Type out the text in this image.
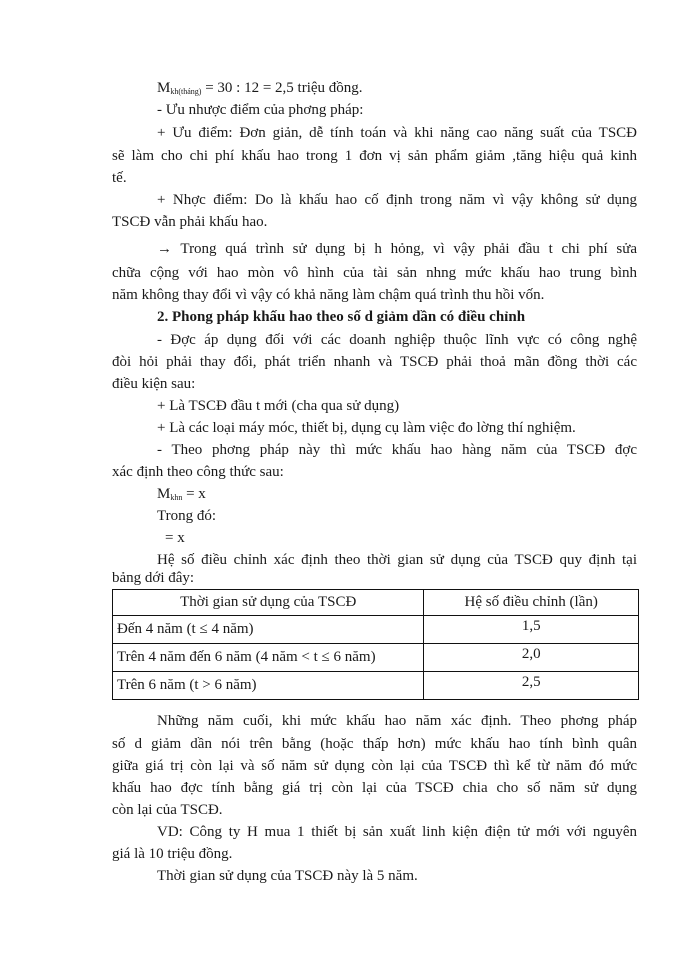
$M_{kh(tháng)} = 30$ : 12 = 2,5 triệu đồng.
- Ưu nhược điểm của phơng pháp:
+ Ưu điểm: Đơn giản, dễ tính toán và khi năng cao năng suất của TSCĐ
sẽ làm cho chi phí khấu hao trong 1 đơn vị sản phẩm giảm ,tăng hiệu quả kinh
tế.
+ Nhợc điểm: Do là khấu hao cố định trong năm vì vậy không sử dụng
TSCĐ vẫn phải khấu hao.
→ Trong quá trình sử dụng bị h hỏng, vì vậy phải đầu t chi phí sửa
chữa cộng với hao mòn vô hình của tài sản nhng mức khấu hao trung bình
năm không thay đổi vì vậy có khả năng làm chậm quá trình thu hồi vốn.
2. Phong pháp khấu hao theo số d giảm dần có điều chỉnh
- Đợc áp dụng đối với các doanh nghiệp thuộc lĩnh vực có công nghệ
đòi hỏi phải thay đổi, phát triển nhanh và TSCĐ phải thoả mãn đồng thời các
điều kiện sau:
+ Là TSCĐ đầu t mới (cha qua sử dụng)
+ Là các loại máy móc, thiết bị, dụng cụ làm việc đo lờng thí nghiệm.
- Theo phơng pháp này thì mức khấu hao hàng năm của TSCĐ đợc
xác định theo công thức sau:
$M_{khn} = x$
Trong đó:
= x
Hệ số điều chỉnh xác định theo thời gian sử dụng của TSCĐ quy định tại
bảng dới đây:
Thời gian sử dụng của TSCĐ	Hệ số điều chỉnh (lần)
Đến 4 năm (t ≤ 4 năm)	1,5
Trên 4 năm đến 6 năm (4 năm < t ≤ 6 năm)	2,0
Trên 6 năm (t > 6 năm)	2,5
Những năm cuối, khi mức khấu hao năm xác định. Theo phơng pháp
số d giảm dần nói trên bằng (hoặc thấp hơn) mức khấu hao tính bình quân
giữa giá trị còn lại và số năm sử dụng còn lại của TSCĐ thì kể từ năm đó mức
khấu hao đợc tính bằng giá trị còn lại của TSCĐ chia cho số năm sử dụng
còn lại của TSCĐ.
VD: Công ty H mua 1 thiết bị sản xuất linh kiện điện tử mới với nguyên
giá là 10 triệu đồng.
Thời gian sử dụng của TSCĐ này là 5 năm.
